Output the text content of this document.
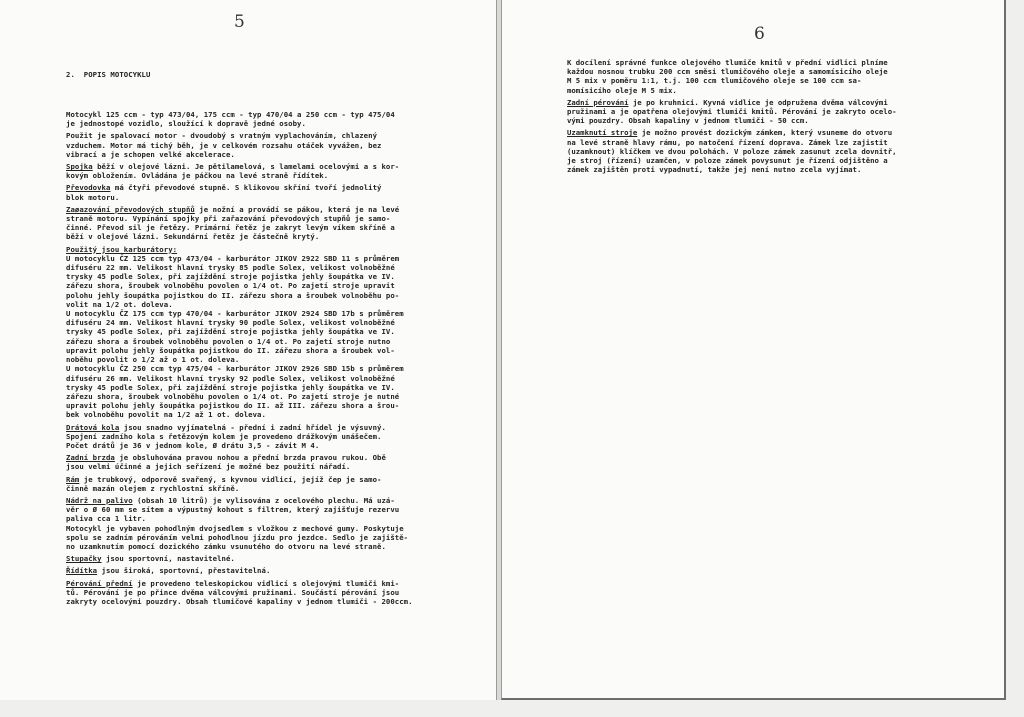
5

2.  POPIS MOTOCYKLU

Motocykl 125 ccm - typ 473/04, 175 ccm - typ 470/04 a 250 ccm - typ 475/04
je jednostopé vozidlo, sloužící k dopravě jedné osoby.
Použit je spalovací motor - dvoudobý s vratným vyplachováním, chlazený
vzduchem. Motor má tichý běh, je v celkovém rozsahu otáček vyvážen, bez
vibrací a je schopen velké akcelerace.
Spojka běží v olejové lázni. Je pětilamelová, s lamelami ocelovými a s kor-
kovým obložením. Ovládána je páčkou na levé straně řídítek.
Převodovka má čtyři převodové stupně. S klikovou skříní tvoří jednolitý
blok motoru.
Zaøazování převodových stupňů je nožní a provádí se pákou, která je na levé
straně motoru. Vypínání spojky při zařazování převodových stupňů je samo-
činné. Převod sil je řetězy. Primární řetěz je zakryt levým víkem skříně a
běží v olejové lázni. Sekundární řetěz je částečně krytý.
Použitý jsou karburátory:
U motocyklu ČZ 125 ccm typ 473/04 - karburátor JIKOV 2922 SBD 11 s průměrem
difuséru 22 mm. Velikost hlavní trysky 85 podle Solex, velikost volnoběžné
trysky 45 podle Solex, při zajíždění stroje pojistka jehly šoupátka ve IV.
zářezu shora, šroubek volnoběhu povolen o 1/4 ot. Po zajetí stroje upravit
polohu jehly šoupátka pojistkou do II. zářezu shora a šroubek volnoběhu po-
volit na 1/2 ot. doleva.
U motocyklu ČZ 175 ccm typ 470/04 - karburátor JIKOV 2924 SBD 17b s průměrem
difuséru 24 mm. Velikost hlavní trysky 90 podle Solex, velikost volnoběžné
trysky 45 podle Solex, při zajíždění stroje pojistka jehly šoupátka ve IV.
zářezu shora a šroubek volnoběhu povolen o 1/4 ot. Po zajetí stroje nutno
upravit polohu jehly šoupátka pojistkou do II. zářezu shora a šroubek vol-
noběhu povolit o 1/2 až o 1 ot. doleva.
U motocyklu ČZ 250 ccm typ 475/04 - karburátor JIKOV 2926 SBD 15b s průměrem
difuséru 26 mm. Velikost hlavní trysky 92 podle Solex, velikost volnoběžné
trysky 45 podle Solex, při zajíždění stroje pojistka jehly šoupátka ve IV.
zářezu shora, šroubek volnoběhu povolen o 1/4 ot. Po zajetí stroje je nutné
upravit polohu jehly šoupátka pojistkou do II. až III. zářezu shora a šrou-
bek volnoběhu povolit na 1/2 až 1 ot. doleva.
Drátová kola jsou snadno vyjímatelná - přední i zadní hřídel je výsuvný.
Spojení zadního kola s řetězovým kolem je provedeno drážkovým unášečem.
Počet drátů je 36 v jednom kole, Ø drátu 3,5 - závit M 4.
Zadní brzda je obsluhována pravou nohou a přední brzda pravou rukou. Obě
jsou velmi účinné a jejich seřízení je možné bez použití nářadí.
Rám je trubkový, odporově svařený, s kyvnou vidlicí, jejíž čep je samo-
činně mazán olejem z rychlostní skříně.
Nádrž na palivo (obsah 10 litrů) je vylisována z ocelového plechu. Má uzá-
věr o Ø 60 mm se sítem a výpustný kohout s filtrem, který zajišťuje rezervu
paliva cca 1 litr.
Motocykl je vybaven pohodlným dvojsedlem s vložkou z mechové gumy. Poskytuje
spolu se zadním pérováním velmi pohodlnou jízdu pro jezdce. Sedlo je zajiště-
no uzamknutím pomocí dozického zámku vsunutého do otvoru na levé straně.
Stupačky jsou sportovní, nastavitelné.
Řídítka jsou široká, sportovní, přestavitelná.
Pérování přední je provedeno teleskopickou vidlicí s olejovými tlumiči kmi-
tů. Pérování je po přince dvěma válcovými pružinami. Součástí pérování jsou
zakryty ocelovými pouzdry. Obsah tlumičové kapaliny v jednom tlumiči - 200ccm.

6
K docílení správné funkce olejového tlumiče kmitů v přední vidlici plníme
každou nosnou trubku 200 ccm směsi tlumičového oleje a samomísicího oleje
M 5 mix v poměru 1:1, t.j. 100 ccm tlumičového oleje se 100 ccm sa-
momísicího oleje M 5 mix.
Zadní pérování je po kruhnici. Kyvná vidlice je odpružena dvěma válcovými
pružinami a je opatřena olejovými tlumiči kmitů. Pérování je zakryto ocelo-
vými pouzdry. Obsah kapaliny v jednom tlumiči - 50 ccm.
Uzamknutí stroje je možno provést dozickým zámkem, který vsuneme do otvoru
na levé straně hlavy rámu, po natočení řízení doprava. Zámek lze zajistit
(uzamknout) klíčkem ve dvou polohách. V poloze zámek zasunut zcela dovnitř,
je stroj (řízení) uzamčen, v poloze zámek povysunut je řízení odjištěno a
zámek zajištěn proti vypadnutí, takže jej není nutno zcela vyjímat.
